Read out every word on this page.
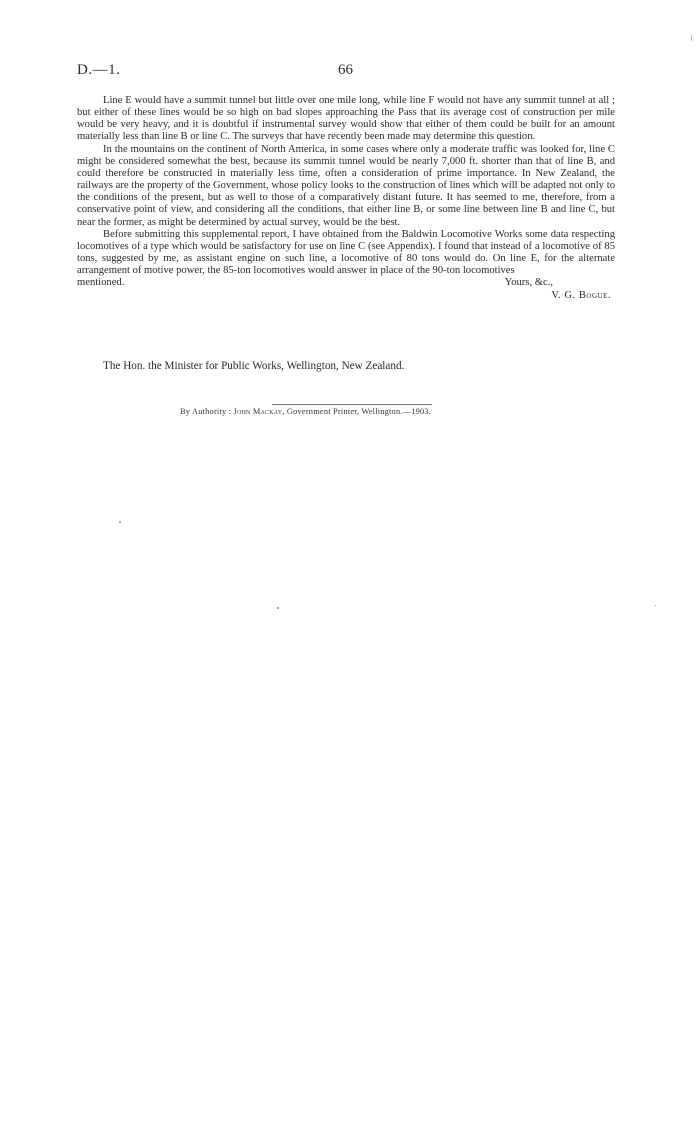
D.—1.	66

Line E would have a summit tunnel but little over one mile long, while line F would not have any summit tunnel at all ; but either of these lines would be so high on bad slopes approaching the Pass that its average cost of construction per mile would be very heavy, and it is doubtful if instrumental survey would show that either of them could be built for an amount materially less than line B or line C. The surveys that have recently been made may determine this question.

In the mountains on the continent of North America, in some cases where only a moderate traffic was looked for, line C might be considered somewhat the best, because its summit tunnel would be nearly 7,000 ft. shorter than that of line B, and could therefore be constructed in materially less time, often a consideration of prime importance. In New Zealand, the railways are the property of the Government, whose policy looks to the construction of lines which will be adapted not only to the conditions of the present, but as well to those of a comparatively distant future. It has seemed to me, therefore, from a conservative point of view, and considering all the conditions, that either line B, or some line between line B and line C, but near the former, as might be determined by actual survey, would be the best.

Before submitting this supplemental report, I have obtained from the Baldwin Locomotive Works some data respecting locomotives of a type which would be satisfactory for use on line C (see Appendix). I found that instead of a locomotive of 85 tons, suggested by me, as assistant engine on such line, a locomotive of 80 tons would do. On line E, for the alternate arrangement of motive power, the 85-ton locomotives would answer in place of the 90-ton locomotives

mentioned.	Yours, &c.,
V. G. Bogue.
The Hon. the Minister for Public Works, Wellington, New Zealand.
By Authority : John Mackay, Government Printer, Wellington.—1903.
